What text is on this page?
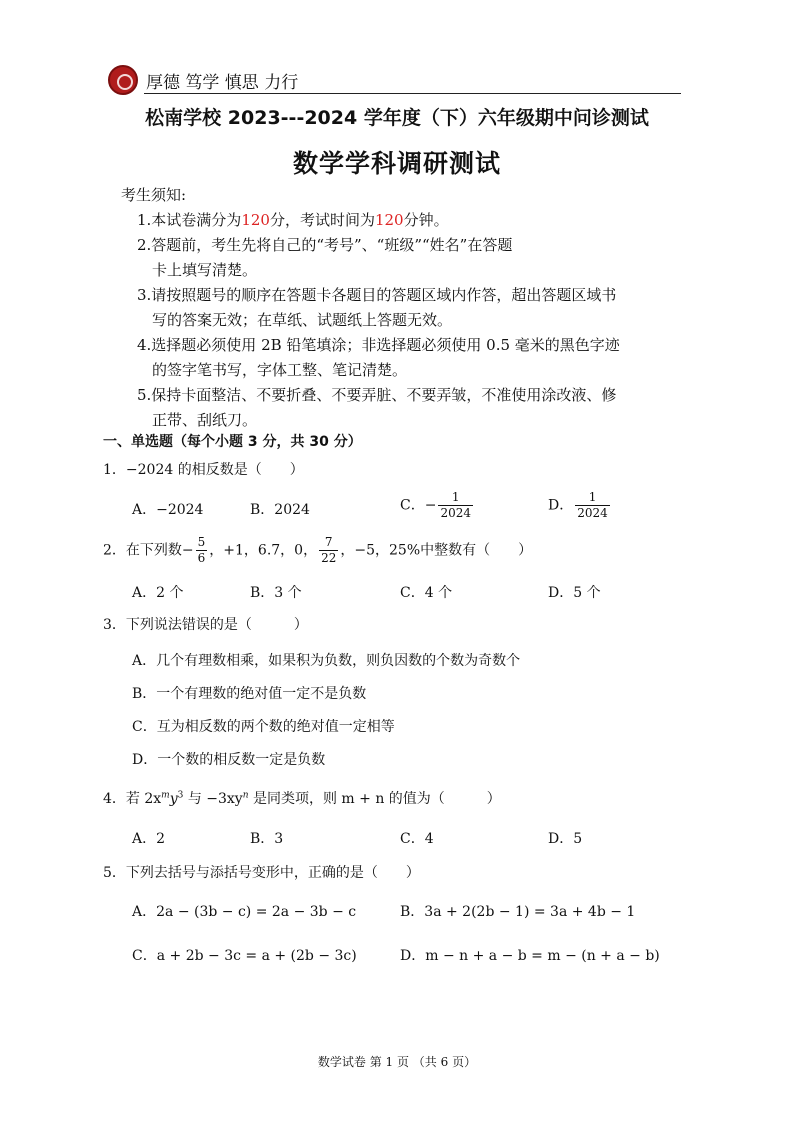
厚德 笃学 慎思 力行
松南学校 2023---2024 学年度（下）六年级期中问诊测试
数学学科调研测试
考生须知:
1.本试卷满分为120分，考试时间为120分钟。
2.答题前，考生先将自己的“考号”、“班级”“姓名”在答题
卡上填写清楚。
3.请按照题号的顺序在答题卡各题目的答题区域内作答，超出答题区域书
写的答案无效；在草纸、试题纸上答题无效。
4.选择题必须使用 2B 铅笔填涂；非选择题必须使用 0.5 毫米的黑色字迹
的签字笔书写，字体工整、笔记清楚。
5.保持卡面整洁、不要折叠、不要弄脏、不要弄皱，不准使用涂改液、修
正带、刮纸刀。
一、单选题（每个小题 3 分，共 30 分）
1．−2024 的相反数是（　　）
A．−2024	B．2024	C．− $\frac{1}{2024}$	D． $\frac{1}{2024}$
2．在下列数− $\frac{5}{6}$ ，+1，6.7，0， $\frac{7}{22}$ ，−5，25%中整数有（　　）
A．2 个	B．3 个	C．4 个	D．5 个
3．下列说法错误的是（　　　）
A．几个有理数相乘，如果积为负数，则负因数的个数为奇数个
B．一个有理数的绝对值一定不是负数
C．互为相反数的两个数的绝对值一定相等
D．一个数的相反数一定是负数
4．若 $2x^my^3$ 与 $-3xy^n$ 是同类项，则 m + n 的值为（　　　）
A．2	B．3	C．4	D．5
5．下列去括号与添括号变形中，正确的是（　　）
A．2a − (3b − c) = 2a − 3b − c	B．3a + 2(2b − 1) = 3a + 4b − 1
C．a + 2b − 3c = a + (2b − 3c)	D．m − n + a − b = m − (n + a − b)
数学试卷 第 1 页 （共 6 页）
